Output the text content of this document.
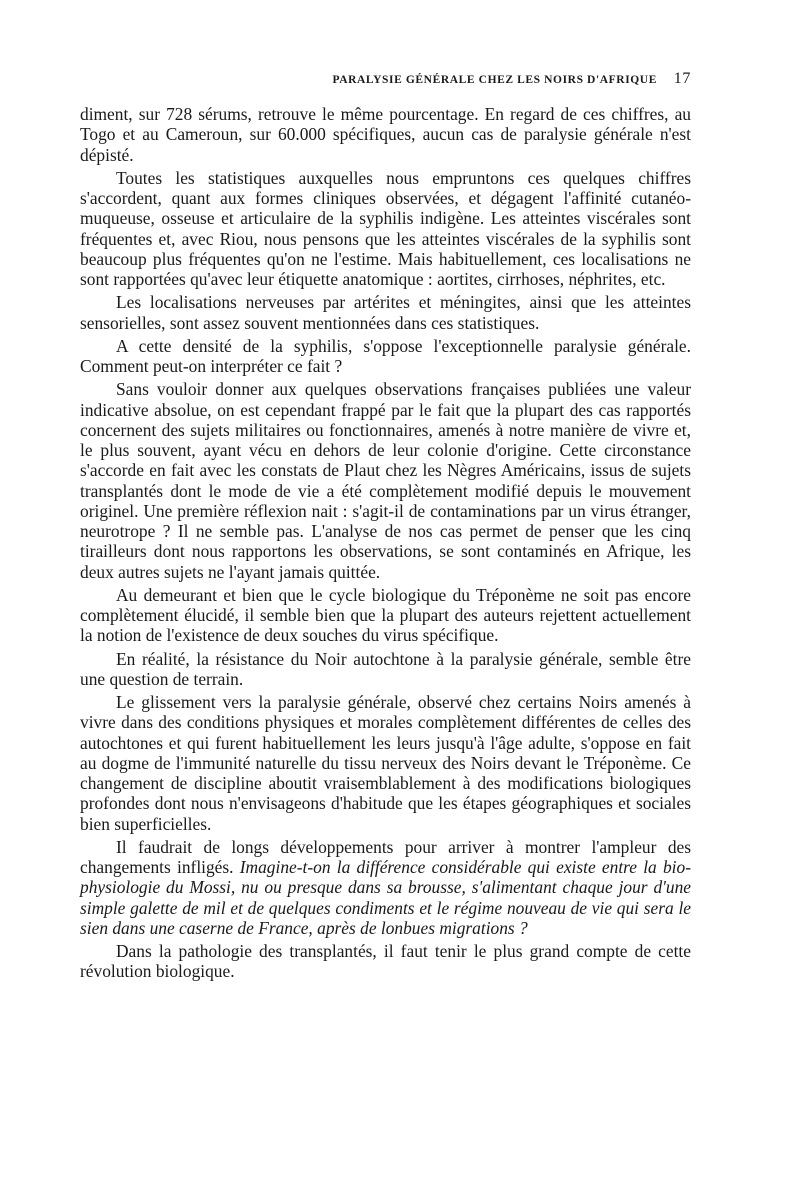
PARALYSIE GÉNÉRALE CHEZ LES NOIRS D'AFRIQUE 17

diment, sur 728 sérums, retrouve le même pourcentage. En regard de ces chiffres, au Togo et au Cameroun, sur 60.000 spécifiques, aucun cas de paralysie générale n'est dépisté.

Toutes les statistiques auxquelles nous empruntons ces quelques chiffres s'accordent, quant aux formes cliniques observées, et dégagent l'affinité cutanéo-muqueuse, osseuse et articulaire de la syphilis indigène. Les atteintes viscérales sont fréquentes et, avec Riou, nous pensons que les atteintes viscérales de la syphilis sont beaucoup plus fréquentes qu'on ne l'estime. Mais habituellement, ces localisations ne sont rapportées qu'avec leur étiquette anatomique : aortites, cirrhoses, néphrites, etc.

Les localisations nerveuses par artérites et méningites, ainsi que les atteintes sensorielles, sont assez souvent mentionnées dans ces statistiques.

A cette densité de la syphilis, s'oppose l'exceptionnelle paralysie générale. Comment peut-on interpréter ce fait ?

Sans vouloir donner aux quelques observations françaises publiées une valeur indicative absolue, on est cependant frappé par le fait que la plupart des cas rapportés concernent des sujets militaires ou fonctionnaires, amenés à notre manière de vivre et, le plus souvent, ayant vécu en dehors de leur colonie d'origine. Cette circonstance s'accorde en fait avec les constats de Plaut chez les Nègres Américains, issus de sujets transplantés dont le mode de vie a été complètement modifié depuis le mouvement originel. Une première réflexion nait : s'agit-il de contaminations par un virus étranger, neurotrope ? Il ne semble pas. L'analyse de nos cas permet de penser que les cinq tirailleurs dont nous rapportons les observations, se sont contaminés en Afrique, les deux autres sujets ne l'ayant jamais quittée.

Au demeurant et bien que le cycle biologique du Tréponème ne soit pas encore complètement élucidé, il semble bien que la plupart des auteurs rejettent actuellement la notion de l'existence de deux souches du virus spécifique.

En réalité, la résistance du Noir autochtone à la paralysie générale, semble être une question de terrain.

Le glissement vers la paralysie générale, observé chez certains Noirs amenés à vivre dans des conditions physiques et morales complètement différentes de celles des autochtones et qui furent habituellement les leurs jusqu'à l'âge adulte, s'oppose en fait au dogme de l'immunité naturelle du tissu nerveux des Noirs devant le Tréponème. Ce changement de discipline aboutit vraisemblablement à des modifications biologiques profondes dont nous n'envisageons d'habitude que les étapes géographiques et sociales bien superficielles.

Il faudrait de longs développements pour arriver à montrer l'ampleur des changements infligés. Imagine-t-on la différence considérable qui existe entre la bio-physiologie du Mossi, nu ou presque dans sa brousse, s'alimentant chaque jour d'une simple galette de mil et de quelques condiments et le régime nouveau de vie qui sera le sien dans une caserne de France, après de lonbues migrations ?

Dans la pathologie des transplantés, il faut tenir le plus grand compte de cette révolution biologique.
